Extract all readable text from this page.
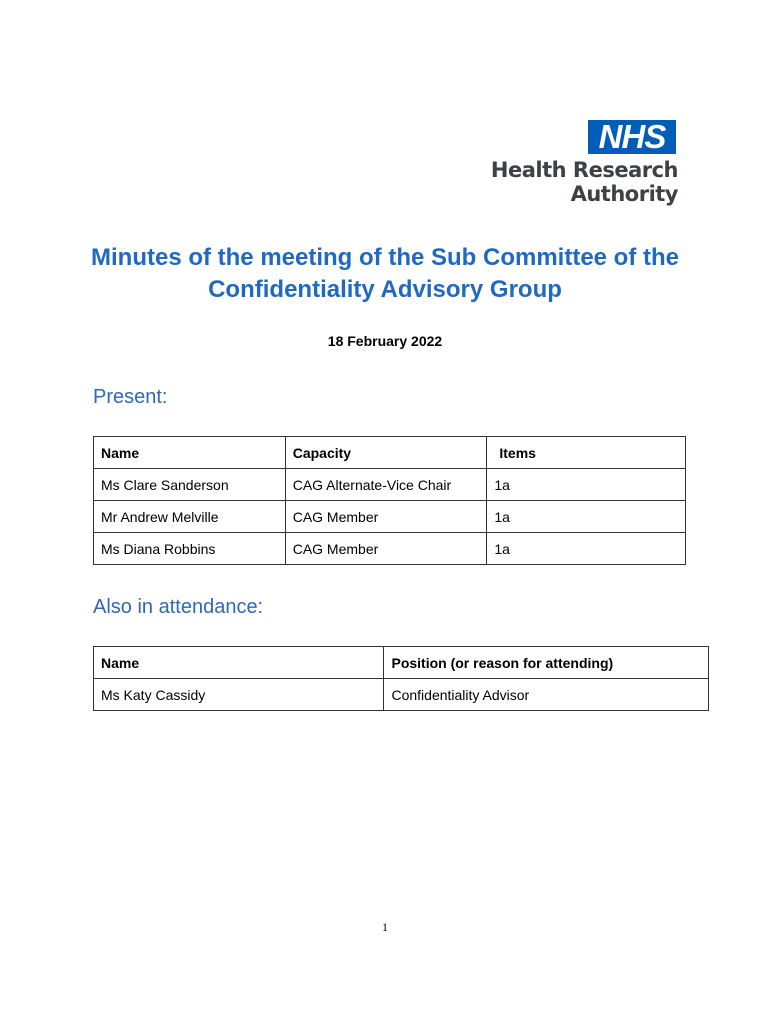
NHS
Health Research
Authority
Minutes of the meeting of the Sub Committee of the Confidentiality Advisory Group
18 February 2022
Present:
Name	Capacity	Items
Ms Clare Sanderson	CAG Alternate-Vice Chair	1a
Mr Andrew Melville	CAG Member	1a
Ms Diana Robbins	CAG Member	1a
Also in attendance:
Name	Position (or reason for attending)
Ms Katy Cassidy	Confidentiality Advisor
1
